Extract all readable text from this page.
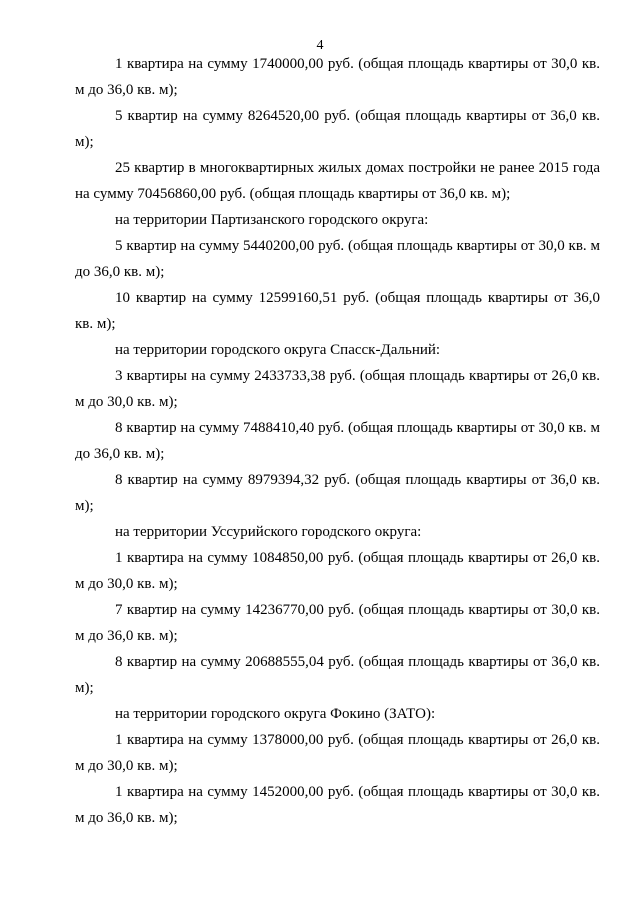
4

1 квартира на сумму 1740000,00 руб. (общая площадь квартиры от 30,0 кв. м до 36,0 кв. м);

5 квартир на сумму 8264520,00 руб. (общая площадь квартиры от 36,0 кв. м);

25 квартир в многоквартирных жилых домах постройки не ранее 2015 года на сумму 70456860,00 руб. (общая площадь квартиры от 36,0 кв. м);

на территории Партизанского городского округа:

5 квартир на сумму 5440200,00 руб. (общая площадь квартиры от 30,0 кв. м до 36,0 кв. м);

10 квартир на сумму 12599160,51 руб. (общая площадь квартиры от 36,0 кв. м);

на территории городского округа Спасск-Дальний:

3 квартиры на сумму 2433733,38 руб. (общая площадь квартиры от 26,0 кв. м до 30,0 кв. м);

8 квартир на сумму 7488410,40 руб. (общая площадь квартиры от 30,0 кв. м до 36,0 кв. м);

8 квартир на сумму 8979394,32 руб. (общая площадь квартиры от 36,0 кв. м);

на территории Уссурийского городского округа:

1 квартира на сумму 1084850,00 руб. (общая площадь квартиры от 26,0 кв. м до 30,0 кв. м);

7 квартир на сумму 14236770,00 руб. (общая площадь квартиры от 30,0 кв. м до 36,0 кв. м);

8 квартир на сумму 20688555,04 руб. (общая площадь квартиры от 36,0 кв. м);

на территории городского округа Фокино (ЗАТО):

1 квартира на сумму 1378000,00 руб. (общая площадь квартиры от 26,0 кв. м до 30,0 кв. м);

1 квартира на сумму 1452000,00 руб. (общая площадь квартиры от 30,0 кв. м до 36,0 кв. м);
